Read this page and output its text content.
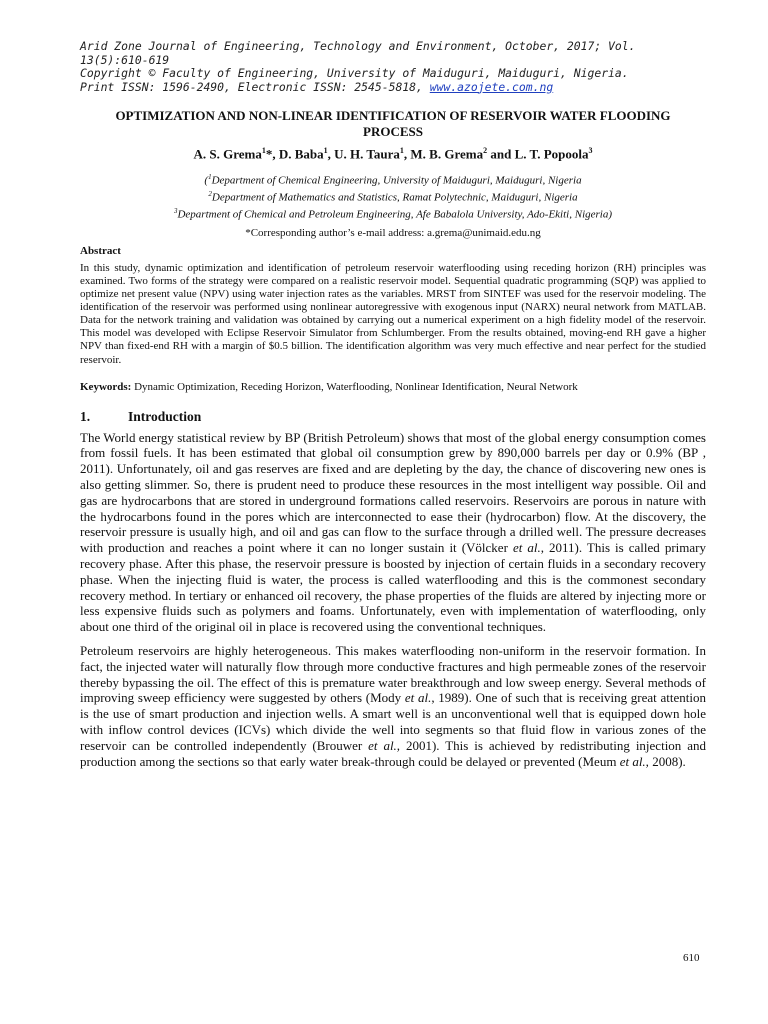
Arid Zone Journal of Engineering, Technology and Environment, October, 2017; Vol. 13(5):610-619
Copyright © Faculty of Engineering, University of Maiduguri, Maiduguri, Nigeria.
Print ISSN: 1596-2490, Electronic ISSN: 2545-5818, www.azojete.com.ng
OPTIMIZATION AND NON-LINEAR IDENTIFICATION OF RESERVOIR WATER FLOODING PROCESS
A. S. Grema$^1$*, D. Baba$^1$, U. H. Taura$^1$, M. B. Grema$^2$ and L. T. Popoola$^3$
($^1$Department of Chemical Engineering, University of Maiduguri, Maiduguri, Nigeria
$^2$Department of Mathematics and Statistics, Ramat Polytechnic, Maiduguri, Nigeria
$^3$Department of Chemical and Petroleum Engineering, Afe Babalola University, Ado-Ekiti, Nigeria)
*Corresponding author’s e-mail address: a.grema@unimaid.edu.ng
Abstract
In this study, dynamic optimization and identification of petroleum reservoir waterflooding using receding horizon (RH) principles was examined. Two forms of the strategy were compared on a realistic reservoir model. Sequential quadratic programming (SQP) was applied to optimize net present value (NPV) using water injection rates as the variables. MRST from SINTEF was used for the reservoir modeling. The identification of the reservoir was performed using nonlinear autoregressive with exogenous input (NARX) neural network from MATLAB. Data for the network training and validation was obtained by carrying out a numerical experiment on a high fidelity model of the reservoir. This model was developed with Eclipse Reservoir Simulator from Schlumberger. From the results obtained, moving-end RH gave a higher NPV than fixed-end RH with a margin of $0.5 billion. The identification algorithm was very much effective and near perfect for the studied reservoir.
Keywords: Dynamic Optimization, Receding Horizon, Waterflooding, Nonlinear Identification, Neural Network
1.	Introduction
The World energy statistical review by BP (British Petroleum) shows that most of the global energy consumption comes from fossil fuels. It has been estimated that global oil consumption grew by 890,000 barrels per day or 0.9% (BP , 2011). Unfortunately, oil and gas reserves are fixed and are depleting by the day, the chance of discovering new ones is also getting slimmer. So, there is prudent need to produce these resources in the most intelligent way possible. Oil and gas are hydrocarbons that are stored in underground formations called reservoirs. Reservoirs are porous in nature with the hydrocarbons found in the pores which are interconnected to ease their (hydrocarbon) flow. At the discovery, the reservoir pressure is usually high, and oil and gas can flow to the surface through a drilled well. The pressure decreases with production and reaches a point where it can no longer sustain it (Völcker et al., 2011). This is called primary recovery phase. After this phase, the reservoir pressure is boosted by injection of certain fluids in a secondary recovery phase. When the injecting fluid is water, the process is called waterflooding and this is the commonest secondary recovery method. In tertiary or enhanced oil recovery, the phase properties of the fluids are altered by injecting more or less expensive fluids such as polymers and foams. Unfortunately, even with implementation of waterflooding, only about one third of the original oil in place is recovered using the conventional techniques.
Petroleum reservoirs are highly heterogeneous. This makes waterflooding non-uniform in the reservoir formation. In fact, the injected water will naturally flow through more conductive fractures and high permeable zones of the reservoir thereby bypassing the oil. The effect of this is premature water breakthrough and low sweep energy. Several methods of improving sweep efficiency were suggested by others (Mody et al., 1989). One of such that is receiving great attention is the use of smart production and injection wells. A smart well is an unconventional well that is equipped down hole with inflow control devices (ICVs) which divide the well into segments so that fluid flow in various zones of the reservoir can be controlled independently (Brouwer et al., 2001). This is achieved by redistributing injection and production among the sections so that early water break-through could be delayed or prevented (Meum et al., 2008).
610
